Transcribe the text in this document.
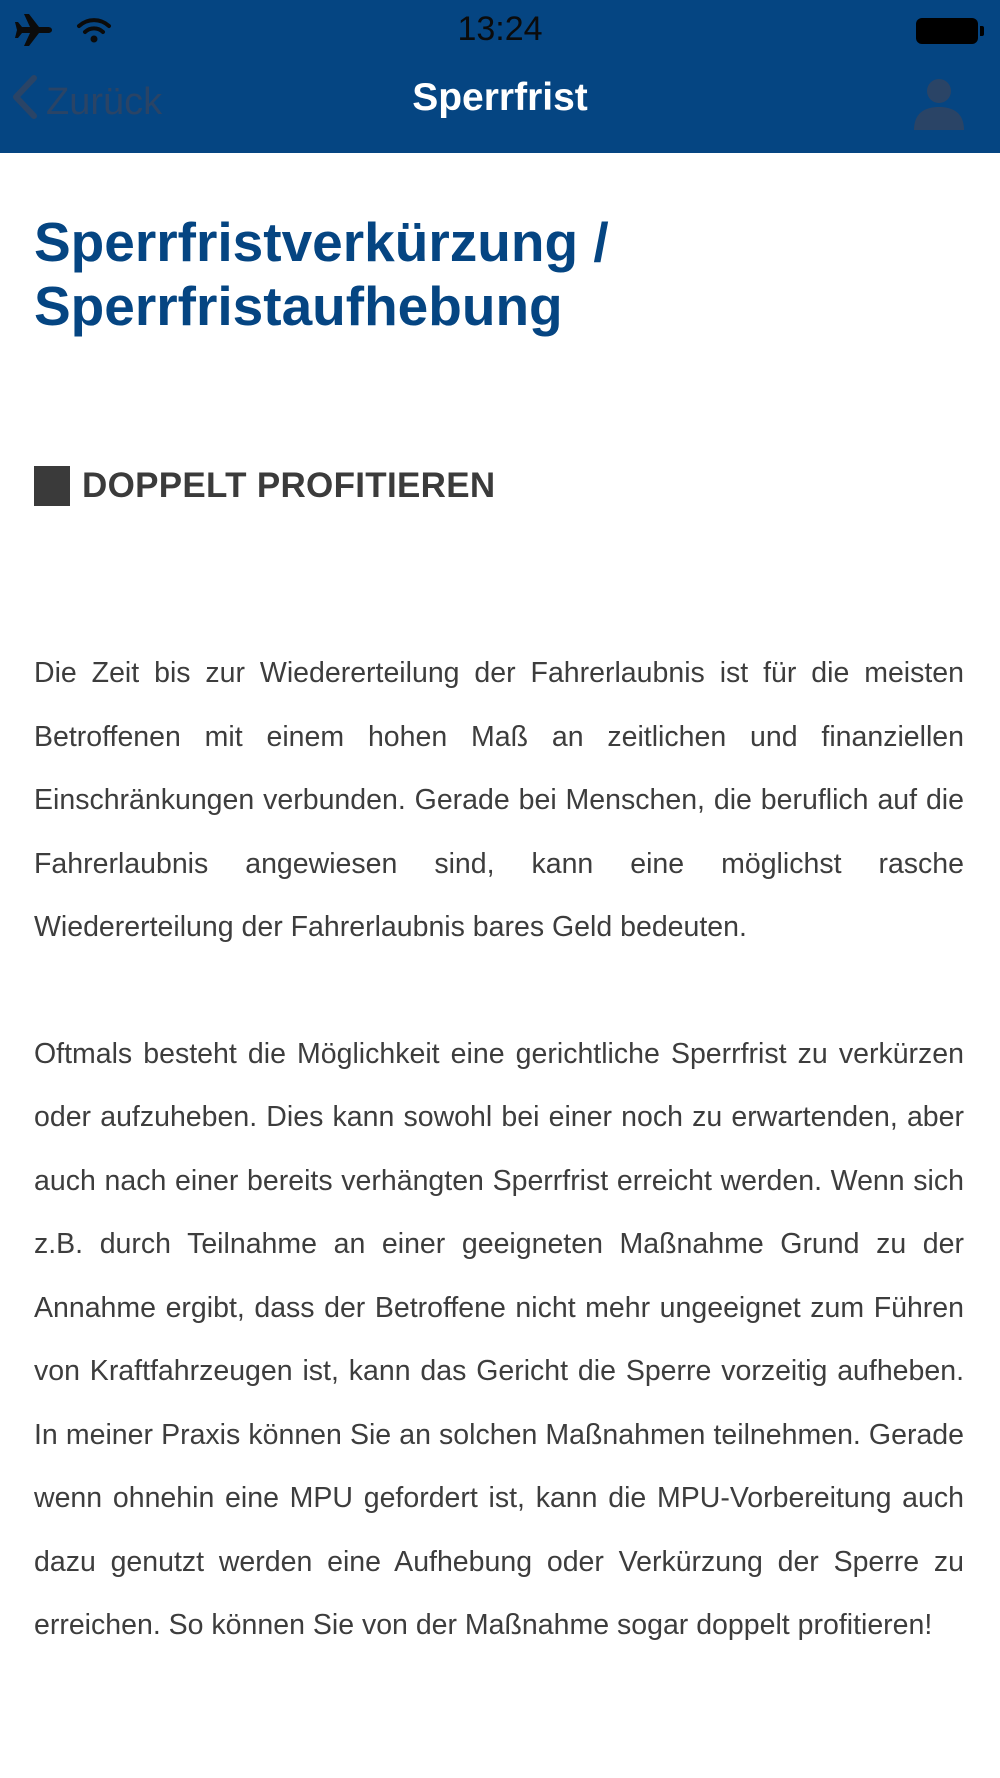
13:24
Zurück	Sperrfrist
Sperrfristverkürzung /
Sperrfristaufhebung
DOPPELT PROFITIEREN

Die Zeit bis zur Wiedererteilung der Fahrerlaubnis ist für die meisten Betroffenen mit einem hohen Maß an zeitlichen und finanziellen Einschränkungen verbunden. Gerade bei Menschen, die beruflich auf die Fahrerlaubnis angewiesen sind, kann eine möglichst rasche Wiedererteilung der Fahrerlaubnis bares Geld bedeuten.

Oftmals besteht die Möglichkeit eine gerichtliche Sperrfrist zu verkürzen oder aufzuheben. Dies kann sowohl bei einer noch zu erwartenden, aber auch nach einer bereits verhängten Sperrfrist erreicht werden. Wenn sich z.B. durch Teilnahme an einer geeigneten Maßnahme Grund zu der Annahme ergibt, dass der Betroffene nicht mehr ungeeignet zum Führen von Kraftfahrzeugen ist, kann das Gericht die Sperre vorzeitig aufheben. In meiner Praxis können Sie an solchen Maßnahmen teilnehmen. Gerade wenn ohnehin eine MPU gefordert ist, kann die MPU-Vorbereitung auch dazu genutzt werden eine Aufhebung oder Verkürzung der Sperre zu erreichen. So können Sie von der Maßnahme sogar doppelt profitieren!
